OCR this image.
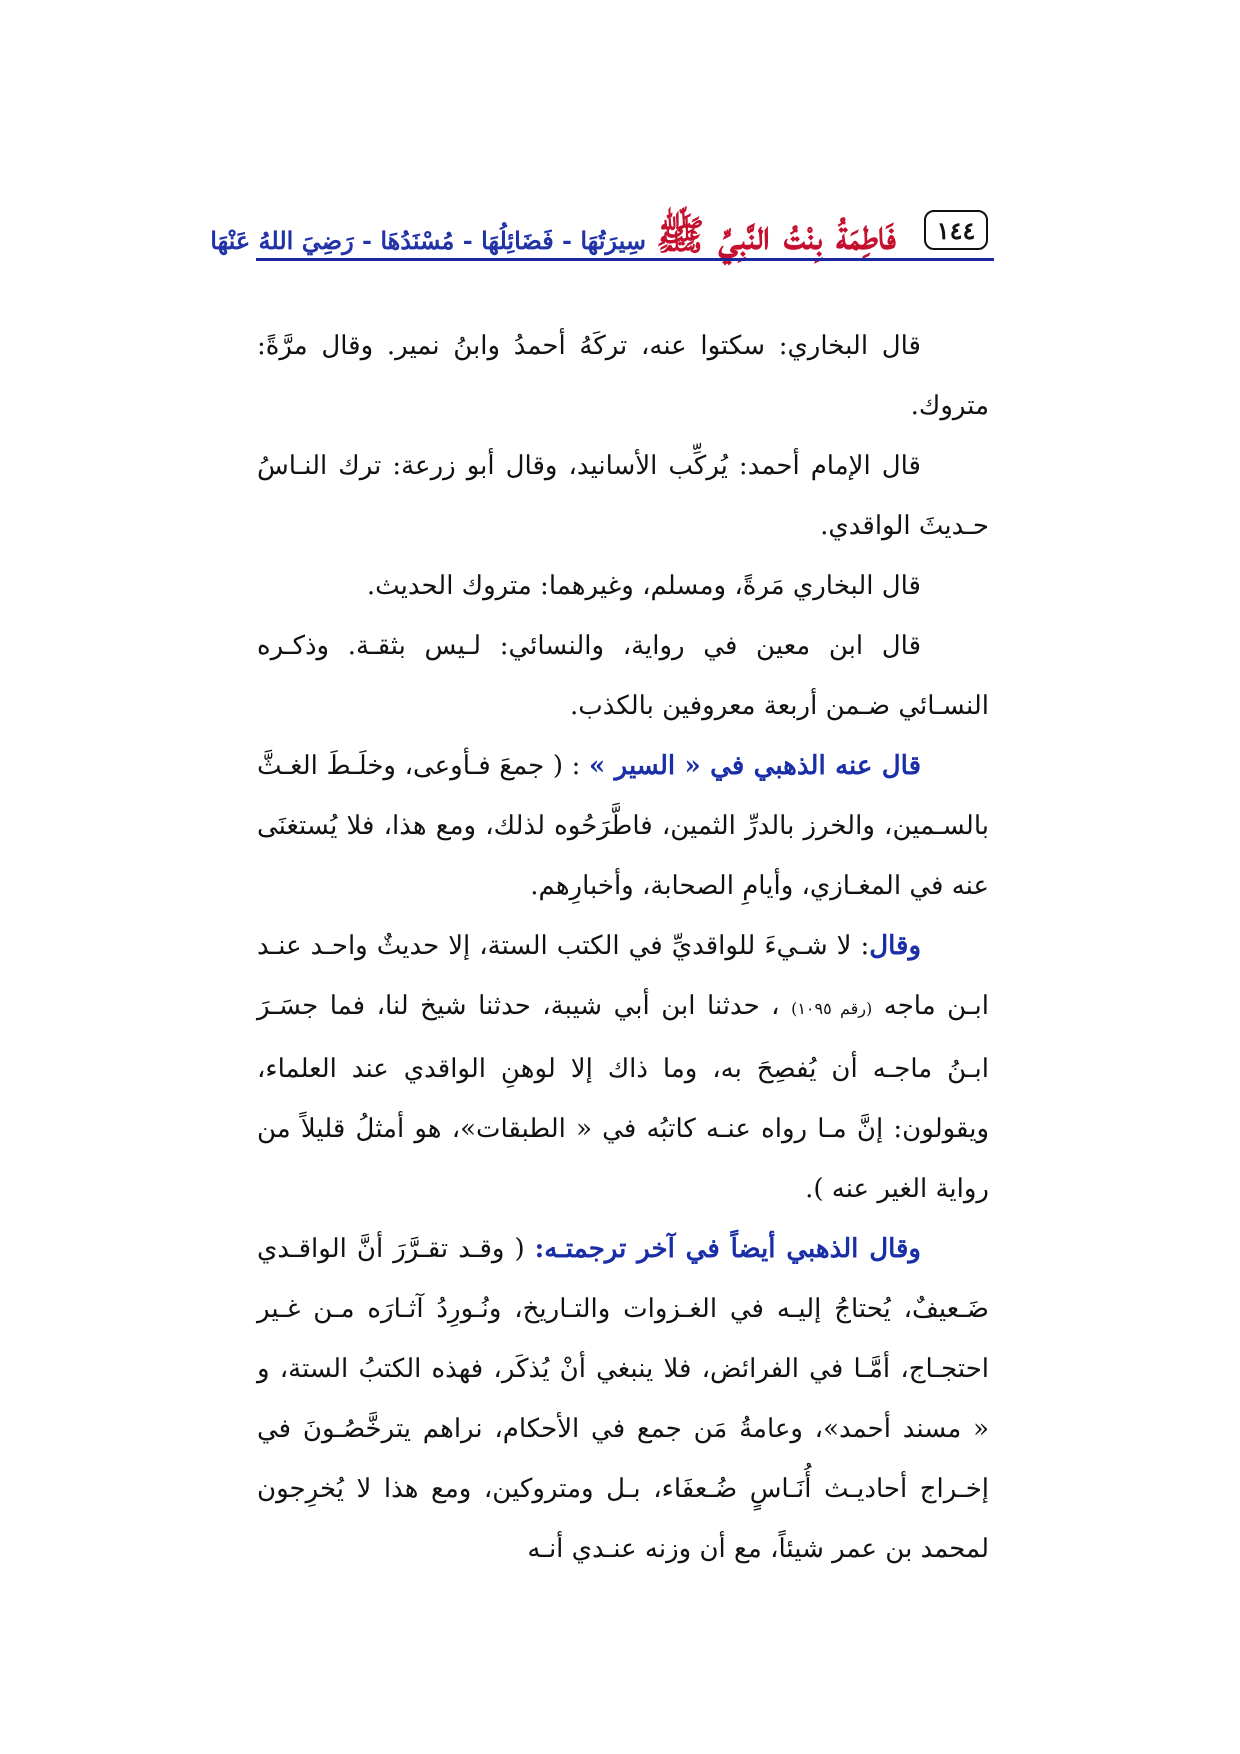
فَاطِمَةُ بِنْتُ النَّبِيِّ ﷺ
سِيرَتُهَا - فَضَائِلُهَا - مُسْنَدُهَا - رَضِيَ اللهُ عَنْهَا	١٤٤

قال البخاري: سكتوا عنه، تركَهُ أحمدُ وابنُ نمير. وقال مرَّةً: متروك.

قال الإمام أحمد: يُركِّب الأسانيد، وقال أبو زرعة: ترك النـاسُ حـديثَ الواقدي.

قال البخاري مَرةً، ومسلم، وغيرهما: متروك الحديث.

قال ابن معين في رواية، والنسائي: لـيس بثقـة. وذكـره النسـائي ضـمن أربعة معروفين بالكذب.

قال عنه الذهبي في « السير » : ( جمعَ فـأوعى، وخلَـطَ الغـثَّ بالسـمين، والخرز بالدرِّ الثمين، فاطَّرَحُوه لذلك، ومع هذا، فلا يُستغنَى عنه في المغـازي، وأيامِ الصحابة، وأخبارِهم.

وقال: لا شـيءَ للواقديِّ في الكتب الستة، إلا حديثٌ واحـد عنـد ابـن ماجه (رقم ١٠٩٥) ، حدثنا ابن أبي شيبة، حدثنا شيخ لنا، فما جسَـرَ ابـنُ ماجـه أن يُفصِحَ به، وما ذاك إلا لوهنِ الواقدي عند العلماء، ويقولون: إنَّ مـا رواه عنـه كاتبُه في « الطبقات»، هو أمثلُ قليلاً من رواية الغير عنه ).

وقال الذهبي أيضاً في آخر ترجمتـه: ( وقـد تقـرَّرَ أنَّ الواقـدي ضَـعيفٌ، يُحتاجُ إليـه في الغـزوات والتـاريخ، ونُـورِدُ آثـارَه مـن غـير احتجـاج، أمَّـا في الفرائض، فلا ينبغي أنْ يُذكَر، فهذه الكتبُ الستة، و « مسند أحمد»، وعامةُ مَن جمع في الأحكام، نراهم يترخَّصُـونَ في إخـراج أحاديـث أُنَـاسٍ ضُـعفَاء، بـل ومتروكين، ومع هذا لا يُخرِجون لمحمد بن عمر شيئاً، مع أن وزنه عنـدي أنـه
